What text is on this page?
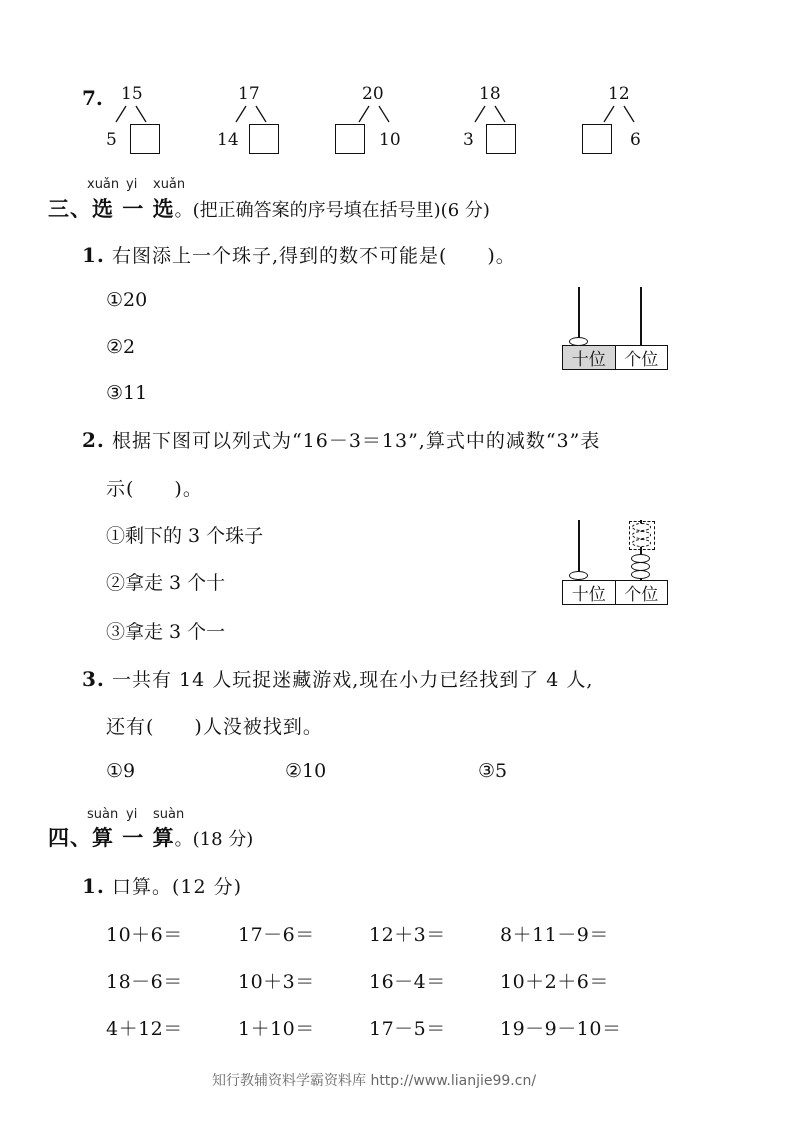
7. 15
5
17
14
20
10
18
3
12
6
xuǎn yi xuǎn
三、选 一 选。(把正确答案的序号填在括号里)(6 分)
1. 右图添上一个珠子,得到的数不可能是( )。
①20
②2
③11
十位	个位
2. 根据下图可以列式为“16－3＝13”,算式中的减数“3”表
示( )。
①剩下的 3 个珠子
②拿走 3 个十
③拿走 3 个一
十位	个位
3. 一共有 14 人玩捉迷藏游戏,现在小力已经找到了 4 人,
还有( )人没被找到。
①9	②10	③5
suàn yi suàn
四、算 一 算。(18 分)
1. 口算。(12 分)
10＋6＝	17－6＝	12＋3＝	8＋11－9＝
18－6＝	10＋3＝	16－4＝	10＋2＋6＝
4＋12＝	1＋10＝	17－5＝	19－9－10＝
知行教辅资料学霸资料库 http://www.lianjie99.cn/
